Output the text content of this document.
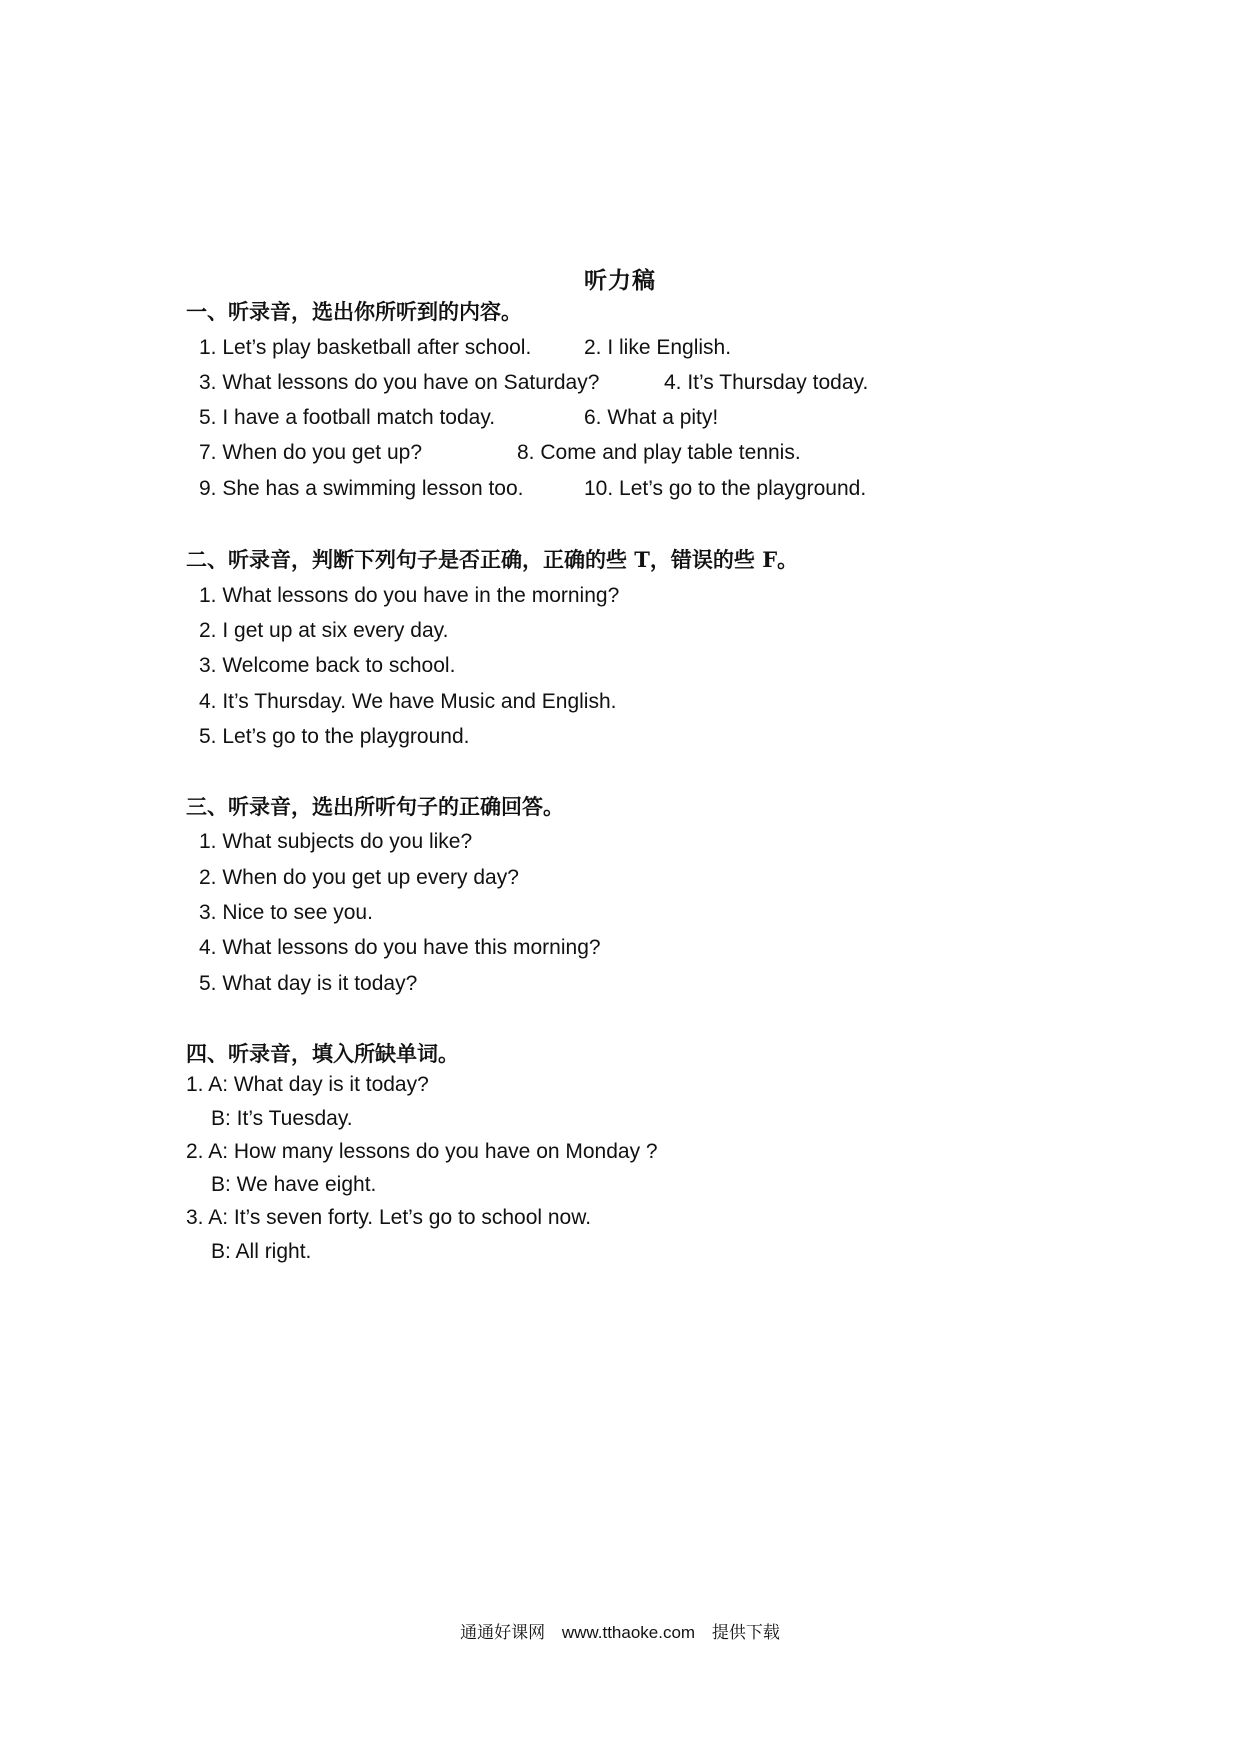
听力稿
一、听录音，选出你所听到的内容。
1. Let’s play basketball after school.	2. I like English.
3. What lessons do you have on Saturday?	4. It’s Thursday today.
5. I have a football match today.	6. What a pity!
7. When do you get up?	8. Come and play table tennis.
9. She has a swimming lesson too.	10. Let’s go to the playground.
二、听录音，判断下列句子是否正确，正确的些 T，错误的些 F。
1. What lessons do you have in the morning?
2. I get up at six every day.
3. Welcome back to school.
4. It’s Thursday. We have Music and English.
5. Let’s go to the playground.
三、听录音，选出所听句子的正确回答。
1. What subjects do you like?
2. When do you get up every day?
3. Nice to see you.
4. What lessons do you have this morning?
5. What day is it today?
四、听录音，填入所缺单词。
1. A: What day is it today?
B: It’s Tuesday.
2. A: How many lessons do you have on Monday ?
B: We have eight.
3. A: It’s seven forty. Let’s go to school now.
B: All right.
通通好课网 www.tthaoke.com 提供下载
